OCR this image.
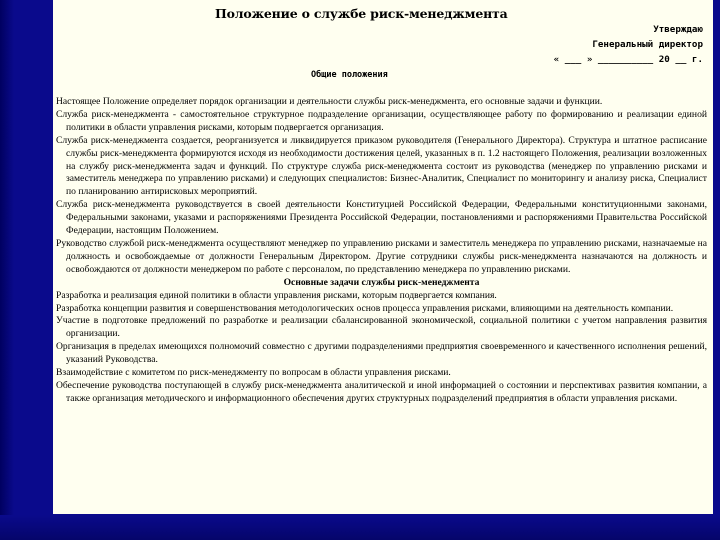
Положение о службе риск-менеджмента
Утверждаю
Генеральный директор
« ___ » __________ 20 __ г.
Общие положения

Настоящее Положение определяет порядок организации и деятельности службы риск-менеджмента, его основные задачи и функции.

Служба риск-менеджмента - самостоятельное структурное подразделение организации, осуществляющее работу по формированию и реализации единой политики в области управления рисками, которым подвергается организация.

Служба риск-менеджмента создается, реорганизуется и ликвидируется приказом руководителя (Генерального Директора). Структура и штатное расписание службы риск-менеджмента формируются исходя из необходимости достижения целей, указанных в п. 1.2 настоящего Положения, реализации возложенных на службу риск-менеджмента задач и функций. По структуре служба риск-менеджмента состоит из руководства (менеджер по управлению рисками и заместитель менеджера по управлению рисками) и следующих специалистов: Бизнес-Аналитик, Специалист по мониторингу и анализу риска, Специалист по планированию антирисковых мероприятий.

Служба риск-менеджмента руководствуется в своей деятельности Конституцией Российской Федерации, Федеральными конституционными законами, Федеральными законами, указами и распоряжениями Президента Российской Федерации, постановлениями и распоряжениями Правительства Российской Федерации, настоящим Положением.

Руководство службой риск-менеджмента осуществляют менеджер по управлению рисками и заместитель менеджера по управлению рисками, назначаемые на должность и освобождаемые от должности Генеральным Директором. Другие сотрудники службы риск-менеджмента назначаются на должность и освобождаются от должности менеджером по работе с персоналом, по представлению менеджера по управлению рисками.

Основные задачи службы риск-менеджмента

Разработка и реализация единой политики в области управления рисками, которым подвергается компания.

Разработка концепции развития и совершенствования методологических основ процесса управления рисками, влияющими на деятельность компании.

Участие в подготовке предложений по разработке и реализации сбалансированной экономической, социальной политики с учетом направления развития организации.

Организация в пределах имеющихся полномочий совместно с другими подразделениями предприятия своевременного и качественного исполнения решений, указаний Руководства.

Взаимодействие с комитетом по риск-менеджменту по вопросам в области управления рисками.

Обеспечение руководства поступающей в службу риск-менеджмента аналитической и иной информацией о состоянии и перспективах развития компании, а также организация методического и информационного обеспечения других структурных подразделений предприятия в области управления рисками.
